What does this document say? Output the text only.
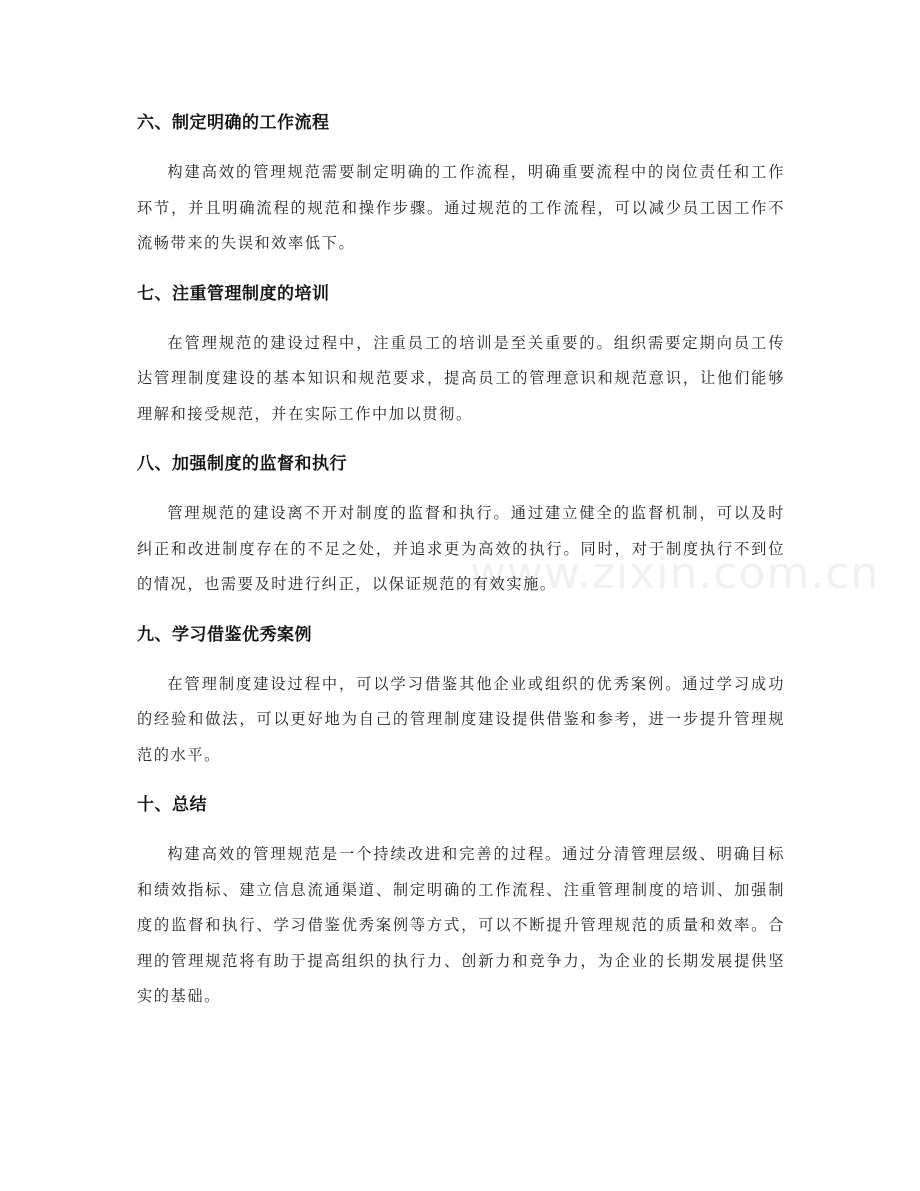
六、制定明确的工作流程

构建高效的管理规范需要制定明确的工作流程，明确重要流程中的岗位责任和工作环节，并且明确流程的规范和操作步骤。通过规范的工作流程，可以减少员工因工作不流畅带来的失误和效率低下。

七、注重管理制度的培训

在管理规范的建设过程中，注重员工的培训是至关重要的。组织需要定期向员工传达管理制度建设的基本知识和规范要求，提高员工的管理意识和规范意识，让他们能够理解和接受规范，并在实际工作中加以贯彻。

八、加强制度的监督和执行

管理规范的建设离不开对制度的监督和执行。通过建立健全的监督机制，可以及时纠正和改进制度存在的不足之处，并追求更为高效的执行。同时，对于制度执行不到位的情况，也需要及时进行纠正，以保证规范的有效实施。

九、学习借鉴优秀案例

在管理制度建设过程中，可以学习借鉴其他企业或组织的优秀案例。通过学习成功的经验和做法，可以更好地为自己的管理制度建设提供借鉴和参考，进一步提升管理规范的水平。

十、总结

构建高效的管理规范是一个持续改进和完善的过程。通过分清管理层级、明确目标和绩效指标、建立信息流通渠道、制定明确的工作流程、注重管理制度的培训、加强制度的监督和执行、学习借鉴优秀案例等方式，可以不断提升管理规范的质量和效率。合理的管理规范将有助于提高组织的执行力、创新力和竞争力，为企业的长期发展提供坚实的基础。

www.zixin.com.cn
